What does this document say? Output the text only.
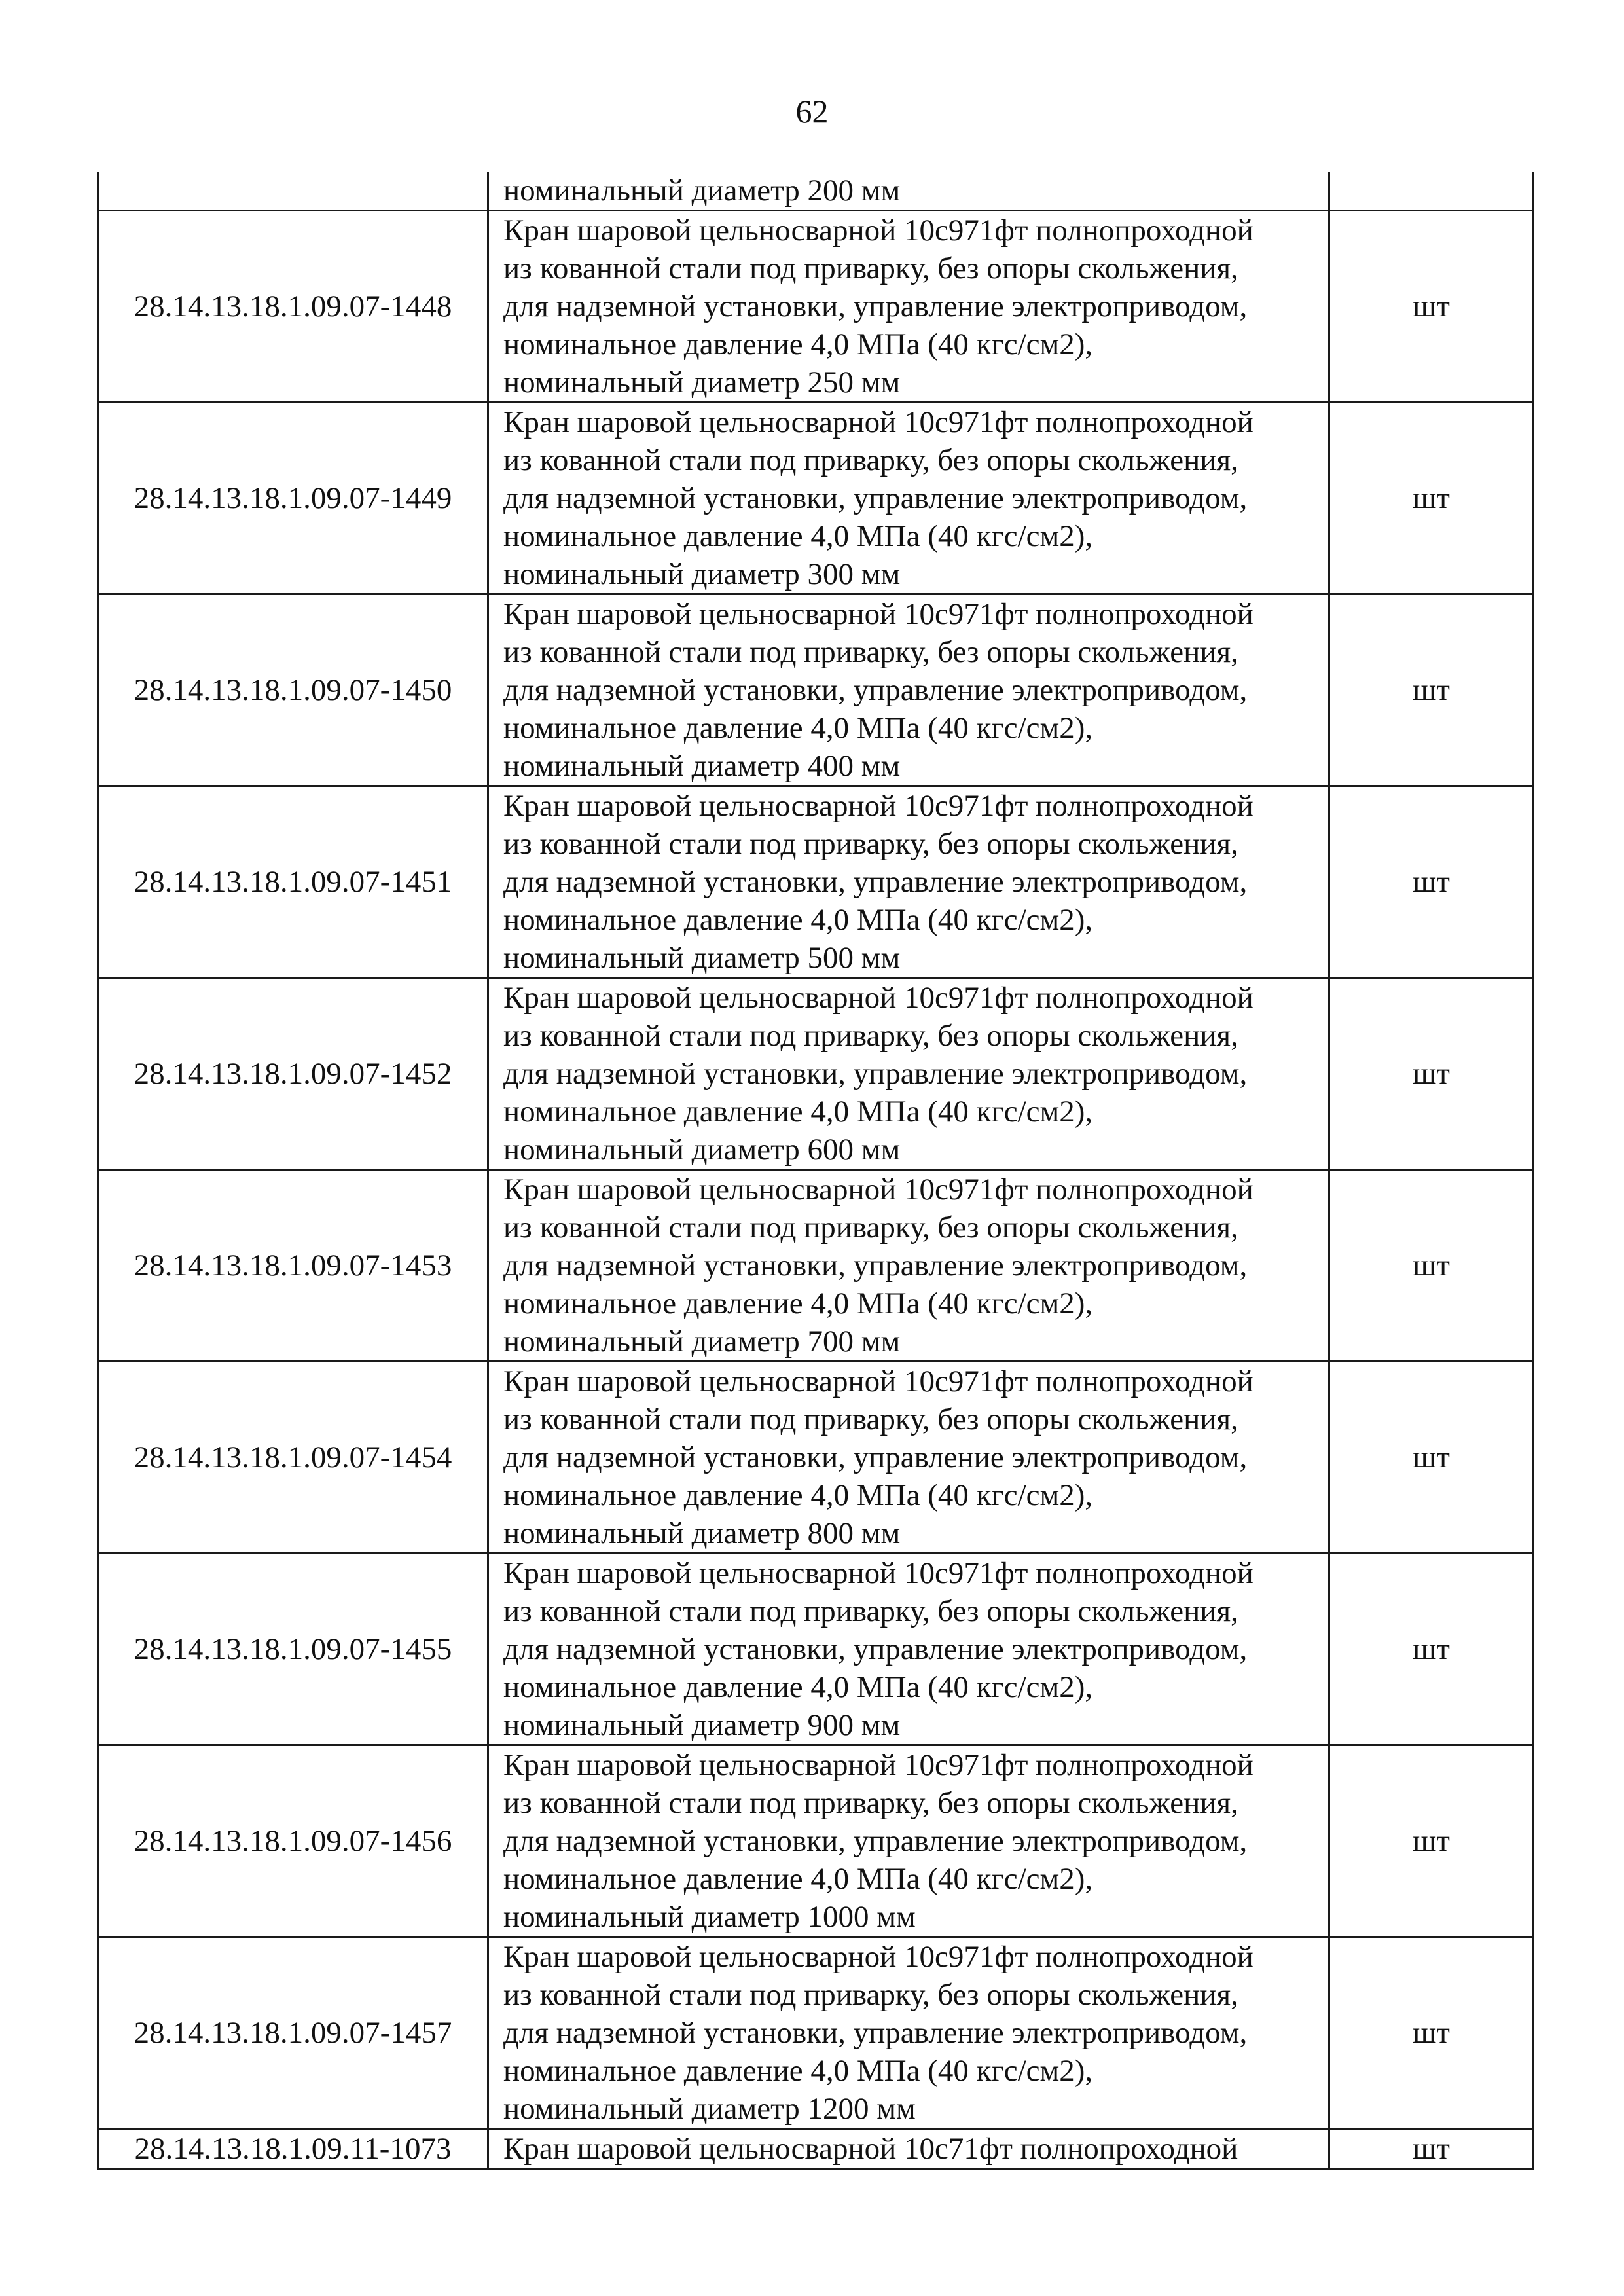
62

	номинальный диаметр 200 мм	

28.14.13.18.1.09.07-1448	Кран шаровой цельносварной 10с971фт полнопроходной
из кованной стали под приварку, без опоры скольжения,
для надземной установки, управление электроприводом,
номинальное давление 4,0 МПа (40 кгс/см2),
номинальный диаметр 250 мм	шт
28.14.13.18.1.09.07-1449	Кран шаровой цельносварной 10с971фт полнопроходной
из кованной стали под приварку, без опоры скольжения,
для надземной установки, управление электроприводом,
номинальное давление 4,0 МПа (40 кгс/см2),
номинальный диаметр 300 мм	шт
28.14.13.18.1.09.07-1450	Кран шаровой цельносварной 10с971фт полнопроходной
из кованной стали под приварку, без опоры скольжения,
для надземной установки, управление электроприводом,
номинальное давление 4,0 МПа (40 кгс/см2),
номинальный диаметр 400 мм	шт
28.14.13.18.1.09.07-1451	Кран шаровой цельносварной 10с971фт полнопроходной
из кованной стали под приварку, без опоры скольжения,
для надземной установки, управление электроприводом,
номинальное давление 4,0 МПа (40 кгс/см2),
номинальный диаметр 500 мм	шт
28.14.13.18.1.09.07-1452	Кран шаровой цельносварной 10с971фт полнопроходной
из кованной стали под приварку, без опоры скольжения,
для надземной установки, управление электроприводом,
номинальное давление 4,0 МПа (40 кгс/см2),
номинальный диаметр 600 мм	шт
28.14.13.18.1.09.07-1453	Кран шаровой цельносварной 10с971фт полнопроходной
из кованной стали под приварку, без опоры скольжения,
для надземной установки, управление электроприводом,
номинальное давление 4,0 МПа (40 кгс/см2),
номинальный диаметр 700 мм	шт
28.14.13.18.1.09.07-1454	Кран шаровой цельносварной 10с971фт полнопроходной
из кованной стали под приварку, без опоры скольжения,
для надземной установки, управление электроприводом,
номинальное давление 4,0 МПа (40 кгс/см2),
номинальный диаметр 800 мм	шт
28.14.13.18.1.09.07-1455	Кран шаровой цельносварной 10с971фт полнопроходной
из кованной стали под приварку, без опоры скольжения,
для надземной установки, управление электроприводом,
номинальное давление 4,0 МПа (40 кгс/см2),
номинальный диаметр 900 мм	шт
28.14.13.18.1.09.07-1456	Кран шаровой цельносварной 10с971фт полнопроходной
из кованной стали под приварку, без опоры скольжения,
для надземной установки, управление электроприводом,
номинальное давление 4,0 МПа (40 кгс/см2),
номинальный диаметр 1000 мм	шт
28.14.13.18.1.09.07-1457	Кран шаровой цельносварной 10с971фт полнопроходной
из кованной стали под приварку, без опоры скольжения,
для надземной установки, управление электроприводом,
номинальное давление 4,0 МПа (40 кгс/см2),
номинальный диаметр 1200 мм	шт
28.14.13.18.1.09.11-1073	Кран шаровой цельносварной 10с71фт полнопроходной	шт
